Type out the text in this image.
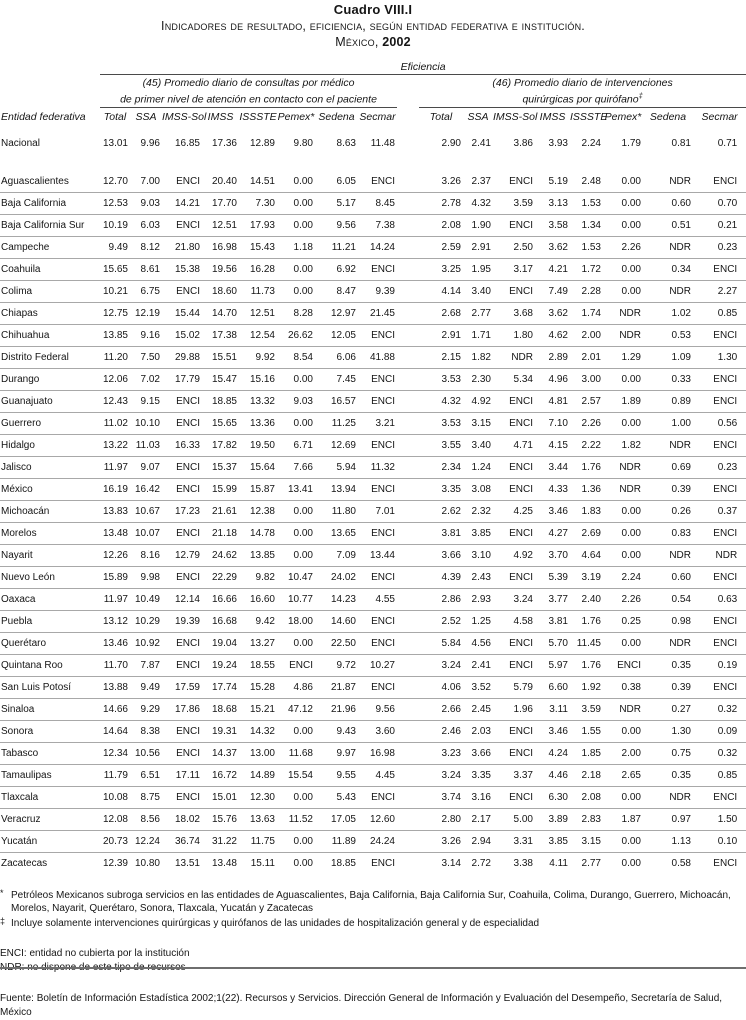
Cuadro VIII.I
Indicadores de resultado, eficiencia, según entidad federativa e institución.
México, 2002
	Eficiencia																

(45) Promedio diario de consultas por médico
de primer nivel de atención en contacto con el paciente

(46) Promedio diario de intervenciones
quirúrgicas por quirófano‡

Entidad federativa	Total	SSA	IMSS-Sol	IMSS	ISSSTE	Pemex*	Sedena	Secmar		Total	SSA	IMSS-Sol	IMSS	ISSSTE	Pemex*	Sedena	Secmar
Nacional	13.01	9.96	16.85	17.36	12.89	9.80	8.63	11.48		2.90	2.41	3.86	3.93	2.24	1.79	0.81	0.71

Aguascalientes	12.70	7.00	ENCI	20.40	14.51	0.00	6.05	ENCI		3.26	2.37	ENCI	5.19	2.48	0.00	NDR	ENCI
Baja California	12.53	9.03	14.21	17.70	7.30	0.00	5.17	8.45		2.78	4.32	3.59	3.13	1.53	0.00	0.60	0.70
Baja California Sur	10.19	6.03	ENCI	12.51	17.93	0.00	9.56	7.38		2.08	1.90	ENCI	3.58	1.34	0.00	0.51	0.21
Campeche	9.49	8.12	21.80	16.98	15.43	1.18	11.21	14.24		2.59	2.91	2.50	3.62	1.53	2.26	NDR	0.23
Coahuila	15.65	8.61	15.38	19.56	16.28	0.00	6.92	ENCI		3.25	1.95	3.17	4.21	1.72	0.00	0.34	ENCI
Colima	10.21	6.75	ENCI	18.60	11.73	0.00	8.47	9.39		4.14	3.40	ENCI	7.49	2.28	0.00	NDR	2.27
Chiapas	12.75	12.19	15.44	14.70	12.51	8.28	12.97	21.45		2.68	2.77	3.68	3.62	1.74	NDR	1.02	0.85
Chihuahua	13.85	9.16	15.02	17.38	12.54	26.62	12.05	ENCI		2.91	1.71	1.80	4.62	2.00	NDR	0.53	ENCI
Distrito Federal	11.20	7.50	29.88	15.51	9.92	8.54	6.06	41.88		2.15	1.82	NDR	2.89	2.01	1.29	1.09	1.30
Durango	12.06	7.02	17.79	15.47	15.16	0.00	7.45	ENCI		3.53	2.30	5.34	4.96	3.00	0.00	0.33	ENCI
Guanajuato	12.43	9.15	ENCI	18.85	13.32	9.03	16.57	ENCI		4.32	4.92	ENCI	4.81	2.57	1.89	0.89	ENCI
Guerrero	11.02	10.10	ENCI	15.65	13.36	0.00	11.25	3.21		3.53	3.15	ENCI	7.10	2.26	0.00	1.00	0.56
Hidalgo	13.22	11.03	16.33	17.82	19.50	6.71	12.69	ENCI		3.55	3.40	4.71	4.15	2.22	1.82	NDR	ENCI
Jalisco	11.97	9.07	ENCI	15.37	15.64	7.66	5.94	11.32		2.34	1.24	ENCI	3.44	1.76	NDR	0.69	0.23
México	16.19	16.42	ENCI	15.99	15.87	13.41	13.94	ENCI		3.35	3.08	ENCI	4.33	1.36	NDR	0.39	ENCI
Michoacán	13.83	10.67	17.23	21.61	12.38	0.00	11.80	7.01		2.62	2.32	4.25	3.46	1.83	0.00	0.26	0.37
Morelos	13.48	10.07	ENCI	21.18	14.78	0.00	13.65	ENCI		3.81	3.85	ENCI	4.27	2.69	0.00	0.83	ENCI
Nayarit	12.26	8.16	12.79	24.62	13.85	0.00	7.09	13.44		3.66	3.10	4.92	3.70	4.64	0.00	NDR	NDR
Nuevo León	15.89	9.98	ENCI	22.29	9.82	10.47	24.02	ENCI		4.39	2.43	ENCI	5.39	3.19	2.24	0.60	ENCI
Oaxaca	11.97	10.49	12.14	16.66	16.60	10.77	14.23	4.55		2.86	2.93	3.24	3.77	2.40	2.26	0.54	0.63
Puebla	13.12	10.29	19.39	16.68	9.42	18.00	14.60	ENCI		2.52	1.25	4.58	3.81	1.76	0.25	0.98	ENCI
Querétaro	13.46	10.92	ENCI	19.04	13.27	0.00	22.50	ENCI		5.84	4.56	ENCI	5.70	11.45	0.00	NDR	ENCI
Quintana Roo	11.70	7.87	ENCI	19.24	18.55	ENCI	9.72	10.27		3.24	2.41	ENCI	5.97	1.76	ENCI	0.35	0.19
San Luis Potosí	13.88	9.49	17.59	17.74	15.28	4.86	21.87	ENCI		4.06	3.52	5.79	6.60	1.92	0.38	0.39	ENCI
Sinaloa	14.66	9.29	17.86	18.68	15.21	47.12	21.96	9.56		2.66	2.45	1.96	3.11	3.59	NDR	0.27	0.32
Sonora	14.64	8.38	ENCI	19.31	14.32	0.00	9.43	3.60		2.46	2.03	ENCI	3.46	1.55	0.00	1.30	0.09
Tabasco	12.34	10.56	ENCI	14.37	13.00	11.68	9.97	16.98		3.23	3.66	ENCI	4.24	1.85	2.00	0.75	0.32
Tamaulipas	11.79	6.51	17.11	16.72	14.89	15.54	9.55	4.45		3.24	3.35	3.37	4.46	2.18	2.65	0.35	0.85
Tlaxcala	10.08	8.75	ENCI	15.01	12.30	0.00	5.43	ENCI		3.74	3.16	ENCI	6.30	2.08	0.00	NDR	ENCI
Veracruz	12.08	8.56	18.02	15.76	13.63	11.52	17.05	12.60		2.80	2.17	5.00	3.89	2.83	1.87	0.97	1.50
Yucatán	20.73	12.24	36.74	31.22	11.75	0.00	11.89	24.24		3.26	2.94	3.31	3.85	3.15	0.00	1.13	0.10
Zacatecas	12.39	10.80	13.51	13.48	15.11	0.00	18.85	ENCI		3.14	2.72	3.38	4.11	2.77	0.00	0.58	ENCI
* Petróleos Mexicanos subroga servicios en las entidades de Aguascalientes, Baja California, Baja California Sur, Coahuila, Colima, Durango, Guerrero, Michoacán, Morelos, Nayarit, Querétaro, Sonora, Tlaxcala, Yucatán y Zacatecas
‡ Incluye solamente intervenciones quirúrgicas y quirófanos de las unidades de hospitalización general y de especialidad
ENCI: entidad no cubierta por la institución
NDR: no dispone de este tipo de recursos
Fuente: Boletín de Información Estadística 2002;1(22). Recursos y Servicios. Dirección General de Información y Evaluación del Desempeño, Secretaría de Salud, México
